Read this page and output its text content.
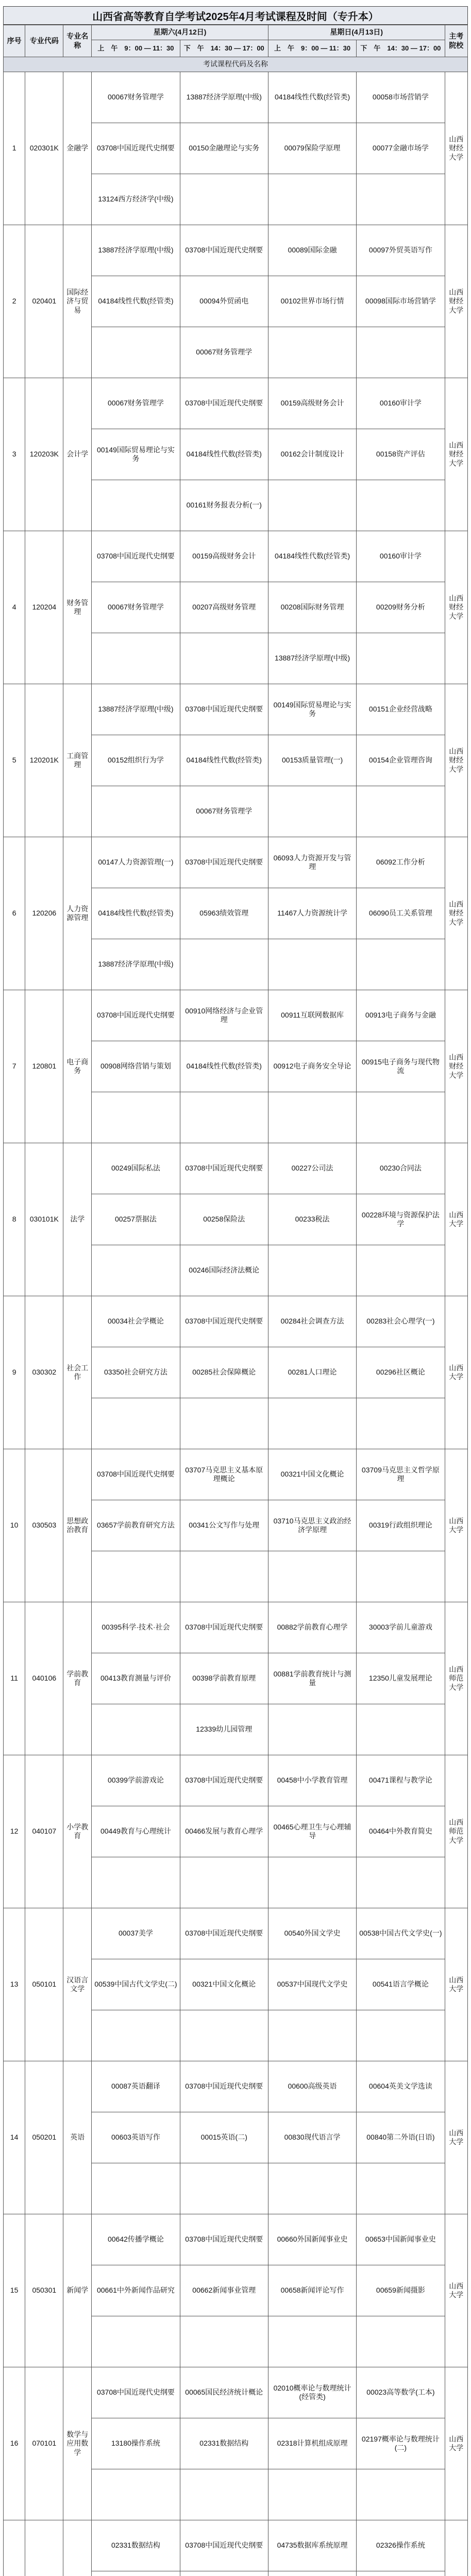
山西省高等教育自学考试2025年4月考试课程及时间（专升本）
序号	专业代码	专业名称	星期六(4月12日)		星期日(4月13日)		主考院校
			上　午　9：00 — 11：30	下　午　14：30 — 17：00	上　午　9：00 — 11：30	下　午　14：30 — 17：00	
考试课程代码及名称							
1	020301K	金融学	00067财务管理学	13887经济学原理(中级)	04184线性代数(经管类)	00058市场营销学	山西财经大学
			03708中国近现代史纲要	00150金融理论与实务	00079保险学原理	00077金融市场学	
			13124西方经济学(中级)				
2	020401	国际经济与贸易	13887经济学原理(中级)	03708中国近现代史纲要	00089国际金融	00097外贸英语写作	山西财经大学
			04184线性代数(经管类)	00094外贸函电	00102世界市场行情	00098国际市场营销学	
				00067财务管理学			
3	120203K	会计学	00067财务管理学	03708中国近现代史纲要	00159高级财务会计	00160审计学	山西财经大学
			00149国际贸易理论与实务	04184线性代数(经管类)	00162会计制度设计	00158资产评估	
				00161财务报表分析(一)			
4	120204	财务管理	03708中国近现代史纲要	00159高级财务会计	04184线性代数(经管类)	00160审计学	山西财经大学
			00067财务管理学	00207高级财务管理	00208国际财务管理	00209财务分析	
					13887经济学原理(中级)		
5	120201K	工商管理	13887经济学原理(中级)	03708中国近现代史纲要	00149国际贸易理论与实务	00151企业经营战略	山西财经大学
			00152组织行为学	04184线性代数(经管类)	00153质量管理(一)	00154企业管理咨询	
				00067财务管理学			
6	120206	人力资源管理	00147人力资源管理(一)	03708中国近现代史纲要	06093人力资源开发与管理	06092工作分析	山西财经大学
			04184线性代数(经管类)	05963绩效管理	11467人力资源统计学	06090员工关系管理	
			13887经济学原理(中级)				
7	120801	电子商务	03708中国近现代史纲要	00910网络经济与企业管理	00911互联网数据库	00913电子商务与金融	山西财经大学
			00908网络营销与策划	04184线性代数(经管类)	00912电子商务安全导论	00915电子商务与现代物流	

8	030101K	法学	00249国际私法	03708中国近现代史纲要	00227公司法	00230合同法	山西大学
			00257票据法	00258保险法	00233税法	00228环境与资源保护法学	
				00246国际经济法概论			
9	030302	社会工作	00034社会学概论	03708中国近现代史纲要	00284社会调查方法	00283社会心理学(一)	山西大学
			03350社会研究方法	00285社会保障概论	00281人口理论	00296社区概论	

10	030503	思想政治教育	03708中国近现代史纲要	03707马克思主义基本原理概论	00321中国文化概论	03709马克思主义哲学原理	山西大学
			03657学前教育研究方法	00341公文写作与处理	03710马克思主义政治经济学原理	00319行政组织理论	

11	040106	学前教育	00395科学·技术·社会	03708中国近现代史纲要	00882学前教育心理学	30003学前儿童游戏	山西师范大学
			00413教育测量与评价	00398学前教育原理	00881学前教育统计与测量	12350儿童发展理论	
				12339幼儿园管理			
12	040107	小学教育	00399学前游戏论	03708中国近现代史纲要	00458中小学教育管理	00471课程与教学论	山西师范大学
			00449教育与心理统计	00466发展与教育心理学	00465心理卫生与心理辅导	00464中外教育简史	

13	050101	汉语言文学	00037美学	03708中国近现代史纲要	00540外国文学史	00538中国古代文学史(一)	山西大学
			00539中国古代文学史(二)	00321中国文化概论	00537中国现代文学史	00541语言学概论	

14	050201	英语	00087英语翻译	03708中国近现代史纲要	00600高级英语	00604英美文学选读	山西大学
			00603英语写作	00015英语(二)	00830现代语言学	00840第二外语(日语)	

15	050301	新闻学	00642传播学概论	03708中国近现代史纲要	00660外国新闻事业史	00653中国新闻事业史	山西大学
			00661中外新闻作品研究	00662新闻事业管理	00658新闻评论写作	00659新闻摄影	

16	070101	数学与应用数学	03708中国近现代史纲要	00065国民经济统计概论	02010概率论与数理统计(经管类)	00023高等数学(工本)	山西大学
			13180操作系统	02331数据结构	02318计算机组成原理	02197概率论与数理统计(二)	

			02331数据结构	03708中国近现代史纲要	04735数据库系统原理	02326操作系统	
